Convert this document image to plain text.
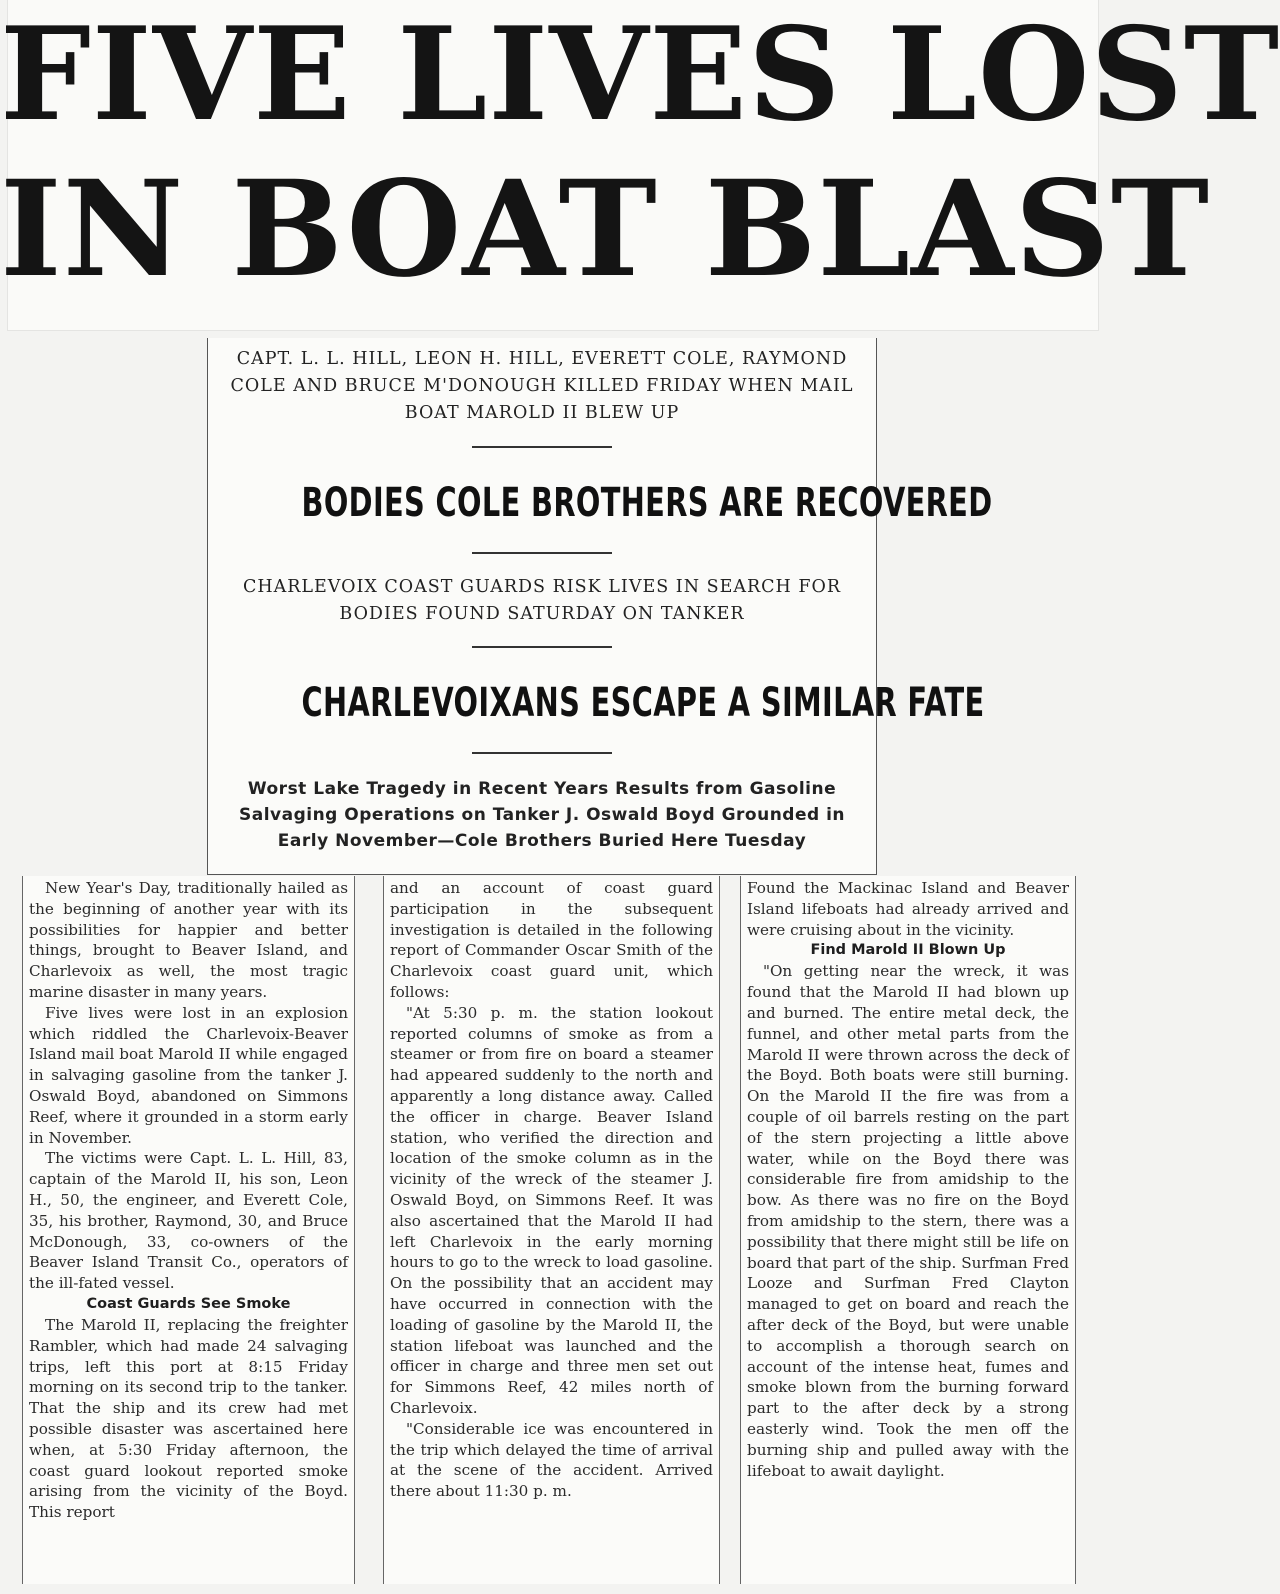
FIVE LIVES LOST
IN BOAT BLAST
CAPT. L. L. HILL, LEON H. HILL, EVERETT COLE, RAYMOND COLE AND BRUCE M'DONOUGH KILLED FRIDAY WHEN MAIL BOAT MAROLD II BLEW UP
BODIES COLE BROTHERS ARE RECOVERED
CHARLEVOIX COAST GUARDS RISK LIVES IN SEARCH FOR BODIES FOUND SATURDAY ON TANKER
CHARLEVOIXANS ESCAPE A SIMILAR FATE
Worst Lake Tragedy in Recent Years Results from Gasoline Salvaging Operations on Tanker J. Oswald Boyd Grounded in Early November—Cole Brothers Buried Here Tuesday

New Year's Day, traditionally hailed as the beginning of another year with its possibilities for happier and better things, brought to Beaver Island, and Charlevoix as well, the most tragic marine disaster in many years.

Five lives were lost in an explosion which riddled the Charlevoix-Beaver Island mail boat Marold II while engaged in salvaging gasoline from the tanker J. Oswald Boyd, abandoned on Simmons Reef, where it grounded in a storm early in November.

The victims were Capt. L. L. Hill, 83, captain of the Marold II, his son, Leon H., 50, the engineer, and Everett Cole, 35, his brother, Raymond, 30, and Bruce McDonough, 33, co-owners of the Beaver Island Transit Co., operators of the ill-fated vessel.

Coast Guards See Smoke

The Marold II, replacing the freighter Rambler, which had made 24 salvaging trips, left this port at 8:15 Friday morning on its second trip to the tanker. That the ship and its crew had met possible disaster was ascertained here when, at 5:30 Friday afternoon, the coast guard lookout reported smoke arising from the vicinity of the Boyd. This report

and an account of coast guard participation in the subsequent investigation is detailed in the following report of Commander Oscar Smith of the Charlevoix coast guard unit, which follows:

"At 5:30 p. m. the station lookout reported columns of smoke as from a steamer or from fire on board a steamer had appeared suddenly to the north and apparently a long distance away. Called the officer in charge. Beaver Island station, who verified the direction and location of the smoke column as in the vicinity of the wreck of the steamer J. Oswald Boyd, on Simmons Reef. It was also ascertained that the Marold II had left Charlevoix in the early morning hours to go to the wreck to load gasoline. On the possibility that an accident may have occurred in connection with the loading of gasoline by the Marold II, the station lifeboat was launched and the officer in charge and three men set out for Simmons Reef, 42 miles north of Charlevoix.

"Considerable ice was encountered in the trip which delayed the time of arrival at the scene of the accident. Arrived there about 11:30 p. m.

Found the Mackinac Island and Beaver Island lifeboats had already arrived and were cruising about in the vicinity.

Find Marold II Blown Up

"On getting near the wreck, it was found that the Marold II had blown up and burned. The entire metal deck, the funnel, and other metal parts from the Marold II were thrown across the deck of the Boyd. Both boats were still burning. On the Marold II the fire was from a couple of oil barrels resting on the part of the stern projecting a little above water, while on the Boyd there was considerable fire from amidship to the bow. As there was no fire on the Boyd from amidship to the stern, there was a possibility that there might still be life on board that part of the ship. Surfman Fred Looze and Surfman Fred Clayton managed to get on board and reach the after deck of the Boyd, but were unable to accomplish a thorough search on account of the intense heat, fumes and smoke blown from the burning forward part to the after deck by a strong easterly wind. Took the men off the burning ship and pulled away with the lifeboat to await daylight.
